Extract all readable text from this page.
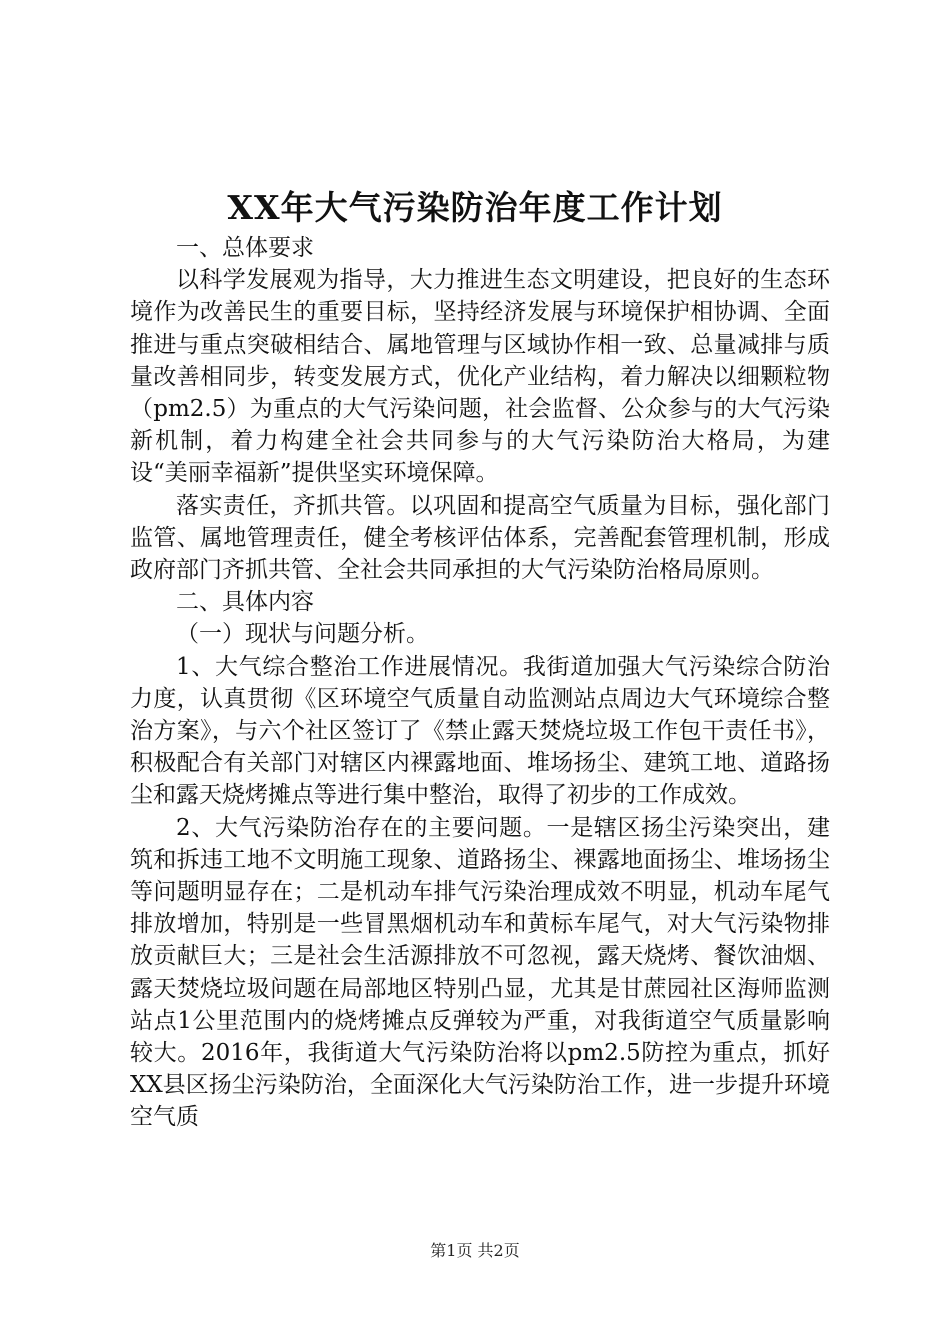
XX年大气污染防治年度工作计划

一、总体要求

以科学发展观为指导，大力推进生态文明建设，把良好的生态环境作为改善民生的重要目标，坚持经济发展与环境保护相协调、全面推进与重点突破相结合、属地管理与区域协作相一致、总量减排与质量改善相同步，转变发展方式，优化产业结构，着力解决以细颗粒物（pm2.5）为重点的大气污染问题，社会监督、公众参与的大气污染新机制，着力构建全社会共同参与的大气污染防治大格局，为建设“美丽幸福新”提供坚实环境保障。

落实责任，齐抓共管。以巩固和提高空气质量为目标，强化部门监管、属地管理责任，健全考核评估体系，完善配套管理机制，形成政府部门齐抓共管、全社会共同承担的大气污染防治格局原则。

二、具体内容

（一）现状与问题分析。

1、大气综合整治工作进展情况。我街道加强大气污染综合防治力度，认真贯彻《区环境空气质量自动监测站点周边大气环境综合整治方案》，与六个社区签订了《禁止露天焚烧垃圾工作包干责任书》，积极配合有关部门对辖区内裸露地面、堆场扬尘、建筑工地、道路扬尘和露天烧烤摊点等进行集中整治，取得了初步的工作成效。

2、大气污染防治存在的主要问题。一是辖区扬尘污染突出，建筑和拆违工地不文明施工现象、道路扬尘、裸露地面扬尘、堆场扬尘等问题明显存在；二是机动车排气污染治理成效不明显，机动车尾气排放增加，特别是一些冒黑烟机动车和黄标车尾气，对大气污染物排放贡献巨大；三是社会生活源排放不可忽视，露天烧烤、餐饮油烟、露天焚烧垃圾问题在局部地区特别凸显，尤其是甘蔗园社区海师监测站点1公里范围内的烧烤摊点反弹较为严重，对我街道空气质量影响较大。2016年，我街道大气污染防治将以pm2.5防控为重点，抓好XX县区扬尘污染防治，全面深化大气污染防治工作，进一步提升环境空气质

第1页 共2页
